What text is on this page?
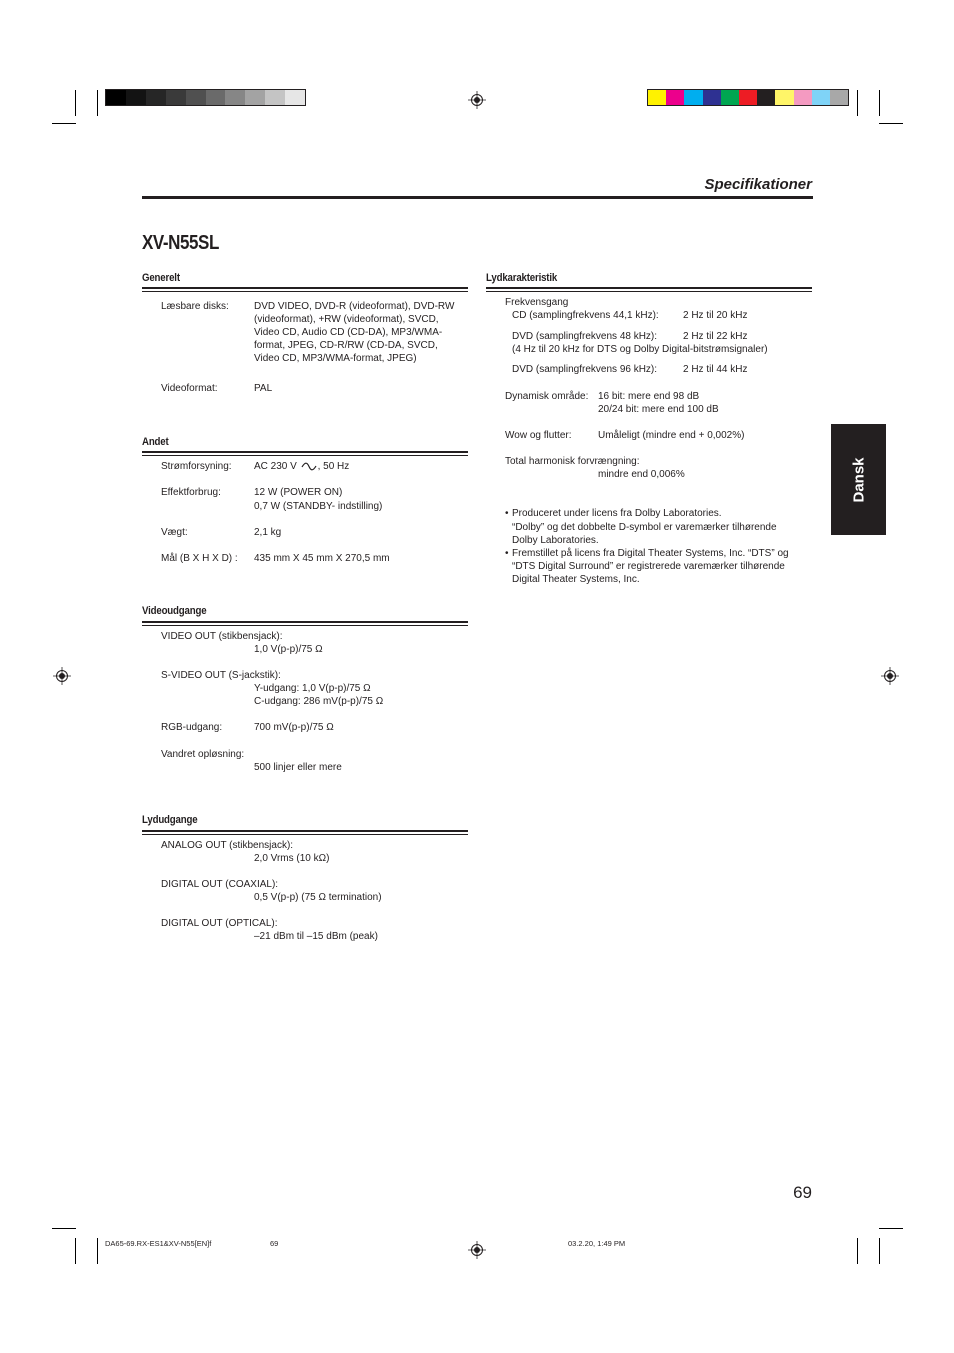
Specifikationer
XV-N55SL
Dansk
Generelt
Læsbare disks:	DVD VIDEO, DVD-R (videoformat), DVD-RW
(videoformat), +RW (videoformat), SVCD,
Video CD, Audio CD (CD-DA), MP3/WMA-
format, JPEG, CD-R/RW (CD-DA, SVCD,
Video CD, MP3/WMA-format, JPEG)
Videoformat:	PAL
Andet
Strømforsyning: AC 230 V , 50 Hz
Effektforbrug:	12 W (POWER ON)
0,7 W (STANDBY- indstilling)
Vægt:	2,1 kg
Mål (B X H X D) : 435 mm X 45 mm X 270,5 mm
Videoudgange
VIDEO OUT (stikbensjack):
1,0 V(p-p)/75 Ω
S-VIDEO OUT (S-jackstik):
Y-udgang: 1,0 V(p-p)/75 Ω
C-udgang: 286 mV(p-p)/75 Ω
RGB-udgang:	700 mV(p-p)/75 Ω
Vandret opløsning:
500 linjer eller mere
Lydudgange
ANALOG OUT (stikbensjack):
2,0 Vrms (10 kΩ)
DIGITAL OUT (COAXIAL):
0,5 V(p-p) (75 Ω termination)
DIGITAL OUT (OPTICAL):
–21 dBm til –15 dBm (peak)
Lydkarakteristik
Frekvensgang
CD (samplingfrekvens 44,1 kHz): 2 Hz til 20 kHz
DVD (samplingfrekvens 48 kHz):	2 Hz til 22 kHz
(4 Hz til 20 kHz for DTS og Dolby Digital-bitstrømsignaler)
DVD (samplingfrekvens 96 kHz):	2 Hz til 44 kHz
Dynamisk område: 16 bit: mere end 98 dB
20/24 bit: mere end 100 dB
Wow og flutter:	Umåleligt (mindre end + 0,002%)
Total harmonisk forvrængning:
mindre end 0,006%
• Produceret under licens fra Dolby Laboratories.
“Dolby” og det dobbelte D-symbol er varemærker tilhørende
Dolby Laboratories.
• Fremstillet på licens fra Digital Theater Systems, Inc. “DTS” og
“DTS Digital Surround” er registrerede varemærker tilhørende
Digital Theater Systems, Inc.
69
DA65-69.RX-ES1&XV-N55[EN]f	69	03.2.20, 1:49 PM
